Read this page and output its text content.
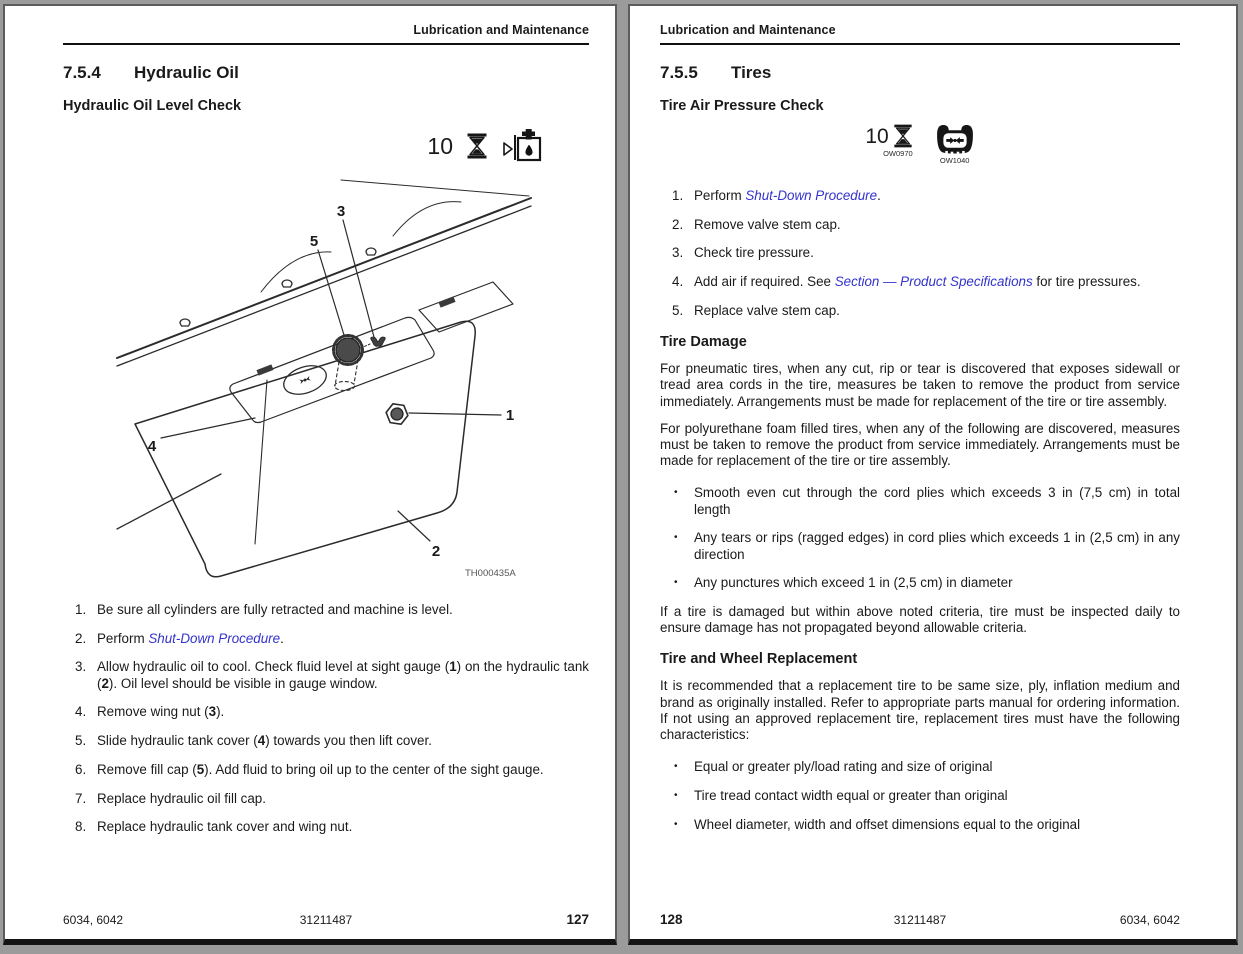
Lubrication and Maintenance
7.5.4	Hydraulic Oil
Hydraulic Oil Level Check
10
3
5
1
4
2
TH000435A
1. Be sure all cylinders are fully retracted and machine is level.
2. Perform Shut-Down Procedure.
3. Allow hydraulic oil to cool. Check fluid level at sight gauge (1) on the hydraulic tank (2). Oil level should be visible in gauge window.
4. Remove wing nut (3).
5. Slide hydraulic tank cover (4) towards you then lift cover.
6. Remove fill cap (5). Add fluid to bring oil up to the center of the sight gauge.
7. Replace hydraulic oil fill cap.
8. Replace hydraulic tank cover and wing nut.
6034, 6042	31211487	127
Lubrication and Maintenance
7.5.5	Tires
Tire Air Pressure Check
10
OW0970
OW1040
1. Perform Shut-Down Procedure.
2. Remove valve stem cap.
3. Check tire pressure.
4. Add air if required. See Section — Product Specifications for tire pressures.
5. Replace valve stem cap.
Tire Damage

For pneumatic tires, when any cut, rip or tear is discovered that exposes sidewall or tread area cords in the tire, measures be taken to remove the product from service immediately. Arrangements must be made for replacement of the tire or tire assembly.

For polyurethane foam filled tires, when any of the following are discovered, measures must be taken to remove the product from service immediately. Arrangements must be made for replacement of the tire or tire assembly.

•	Smooth even cut through the cord plies which exceeds 3 in (7,5 cm) in total length
•	Any tears or rips (ragged edges) in cord plies which exceeds 1 in (2,5 cm) in any direction
•	Any punctures which exceed 1 in (2,5 cm) in diameter

If a tire is damaged but within above noted criteria, tire must be inspected daily to ensure damage has not propagated beyond allowable criteria.

Tire and Wheel Replacement

It is recommended that a replacement tire to be same size, ply, inflation medium and brand as originally installed. Refer to appropriate parts manual for ordering information. If not using an approved replacement tire, replacement tires must have the following characteristics:

•	Equal or greater ply/load rating and size of original
•	Tire tread contact width equal or greater than original
•	Wheel diameter, width and offset dimensions equal to the original
128	31211487	6034, 6042
